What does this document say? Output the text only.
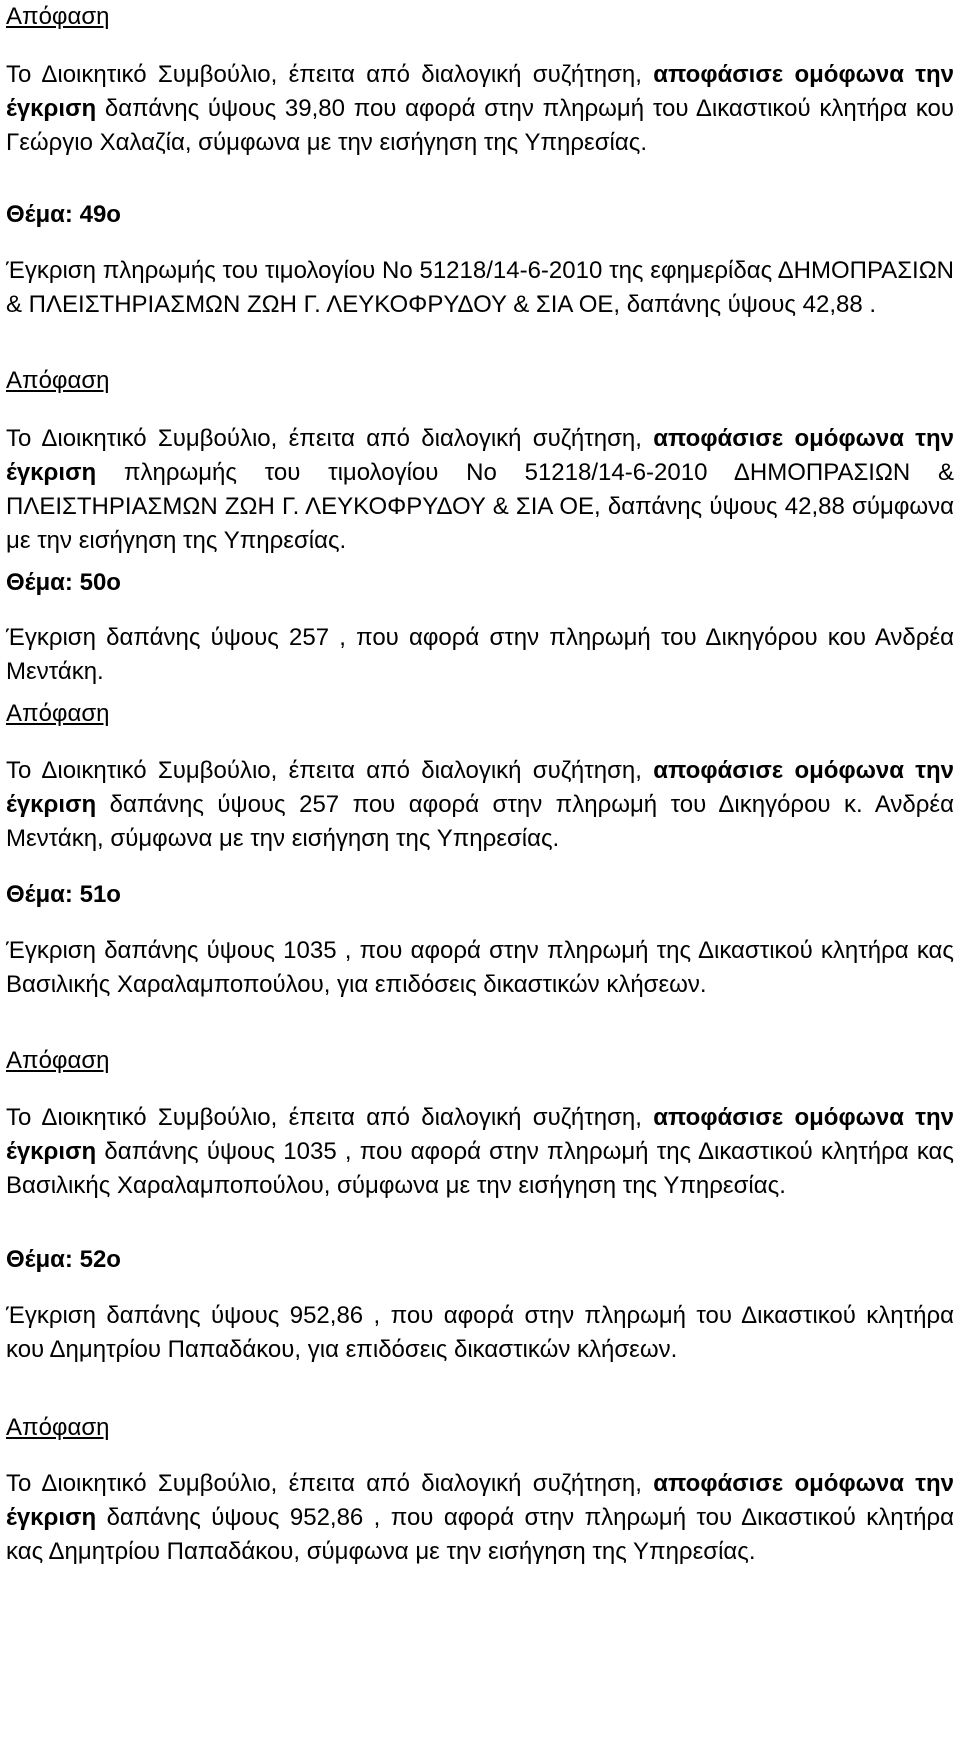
Απόφαση

Το Διοικητικό Συμβούλιο, έπειτα από διαλογική συζήτηση, αποφάσισε ομόφωνα την έγκριση δαπάνης ύψους 39,80 που αφορά στην πληρωμή του Δικαστικού κλητήρα κου Γεώργιο Χαλαζία, σύμφωνα με την εισήγηση της Υπηρεσίας.

Θέμα: 49ο

Έγκριση πληρωμής του τιμολογίου Νο 51218/14-6-2010 της εφημερίδας ΔΗΜΟΠΡΑΣΙΩΝ & ΠΛΕΙΣΤΗΡΙΑΣΜΩΝ ΖΩΗ Γ. ΛΕΥΚΟΦΡΥΔΟΥ & ΣΙΑ ΟΕ, δαπάνης ύψους 42,88 .

Απόφαση

Το Διοικητικό Συμβούλιο, έπειτα από διαλογική συζήτηση, αποφάσισε ομόφωνα την έγκριση πληρωμής του τιμολογίου Νο 51218/14-6-2010 ΔΗΜΟΠΡΑΣΙΩΝ & ΠΛΕΙΣΤΗΡΙΑΣΜΩΝ ΖΩΗ Γ. ΛΕΥΚΟΦΡΥΔΟΥ & ΣΙΑ ΟΕ, δαπάνης ύψους 42,88 σύμφωνα με την εισήγηση της Υπηρεσίας.

Θέμα: 50ο

Έγκριση δαπάνης ύψους 257 , που αφορά στην πληρωμή του Δικηγόρου κου Ανδρέα Μεντάκη.

Απόφαση

Το Διοικητικό Συμβούλιο, έπειτα από διαλογική συζήτηση, αποφάσισε ομόφωνα την έγκριση δαπάνης ύψους 257 που αφορά στην πληρωμή του Δικηγόρου κ. Ανδρέα Μεντάκη, σύμφωνα με την εισήγηση της Υπηρεσίας.

Θέμα: 51ο

Έγκριση δαπάνης ύψους 1035 , που αφορά στην πληρωμή της Δικαστικού κλητήρα κας Βασιλικής Χαραλαμποπούλου, για επιδόσεις δικαστικών κλήσεων.

Απόφαση

Το Διοικητικό Συμβούλιο, έπειτα από διαλογική συζήτηση, αποφάσισε ομόφωνα την έγκριση δαπάνης ύψους 1035 , που αφορά στην πληρωμή της Δικαστικού κλητήρα κας Βασιλικής Χαραλαμποπούλου, σύμφωνα με την εισήγηση της Υπηρεσίας.

Θέμα: 52ο

Έγκριση δαπάνης ύψους 952,86 , που αφορά στην πληρωμή του Δικαστικού κλητήρα κου Δημητρίου Παπαδάκου, για επιδόσεις δικαστικών κλήσεων.

Απόφαση

Το Διοικητικό Συμβούλιο, έπειτα από διαλογική συζήτηση, αποφάσισε ομόφωνα την έγκριση δαπάνης ύψους 952,86 , που αφορά στην πληρωμή του Δικαστικού κλητήρα κας Δημητρίου Παπαδάκου, σύμφωνα με την εισήγηση της Υπηρεσίας.
